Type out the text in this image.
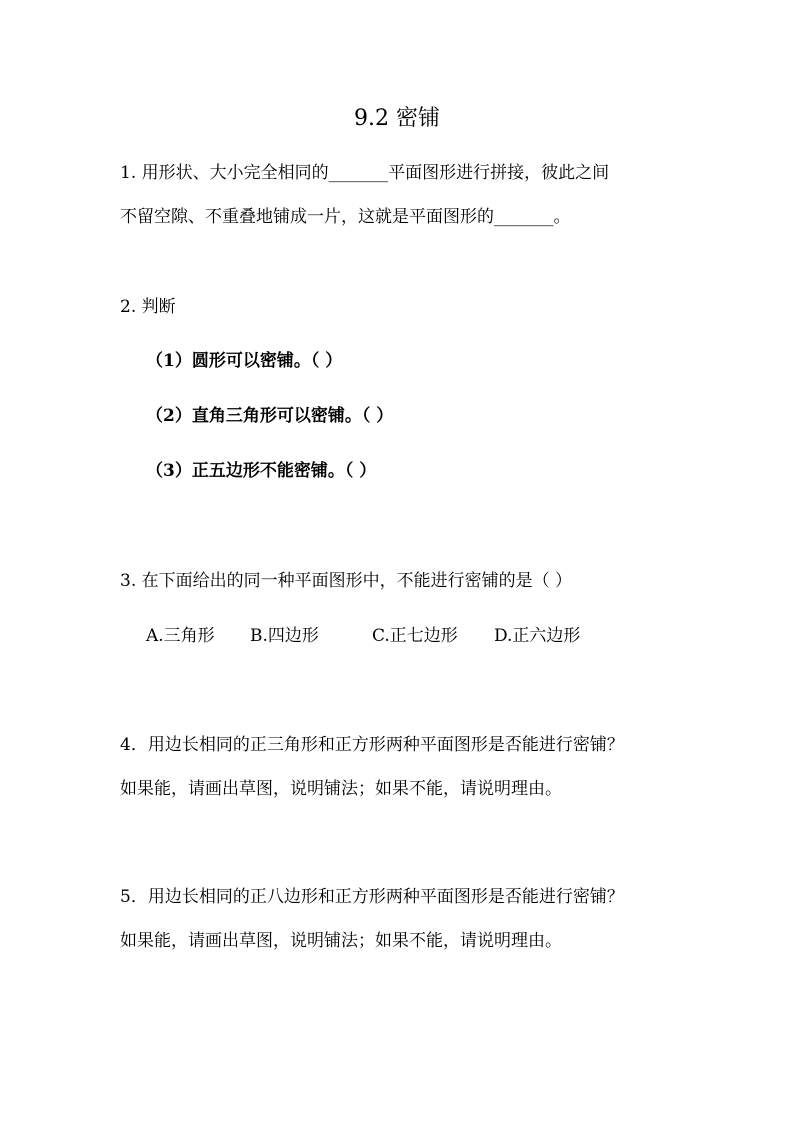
9.2 密铺
1. 用形状、大小完全相同的_______平面图形进行拼接，彼此之间
不留空隙、不重叠地铺成一片，这就是平面图形的_______。
2. 判断
（1）圆形可以密铺。（ ）
（2）直角三角形可以密铺。（ ）
（3）正五边形不能密铺。（ ）
3. 在下面给出的同一种平面图形中，不能进行密铺的是（ ）
A.三角形 B.四边形	C.正七边形 D.正六边形
4．用边长相同的正三角形和正方形两种平面图形是否能进行密铺？
如果能，请画出草图，说明铺法；如果不能，请说明理由。
5．用边长相同的正八边形和正方形两种平面图形是否能进行密铺？
如果能，请画出草图，说明铺法；如果不能，请说明理由。
